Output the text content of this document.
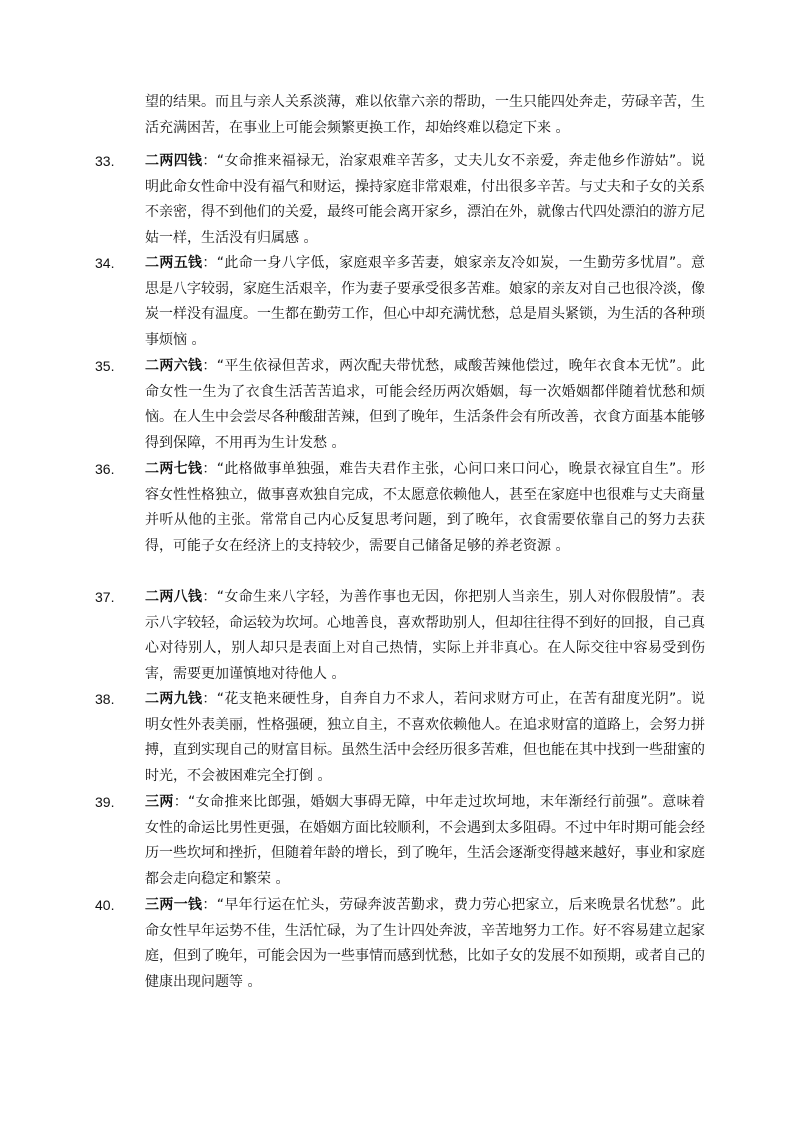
望的结果。而且与亲人关系淡薄，难以依靠六亲的帮助，一生只能四处奔走，劳碌辛苦，生活充满困苦，在事业上可能会频繁更换工作，却始终难以稳定下来 。
33. 二两四钱：“女命推来福禄无，治家艰难辛苦多，丈夫儿女不亲爱，奔走他乡作游姑”。说明此命女性命中没有福气和财运，操持家庭非常艰难，付出很多辛苦。与丈夫和子女的关系不亲密，得不到他们的关爱，最终可能会离开家乡，漂泊在外，就像古代四处漂泊的游方尼姑一样，生活没有归属感 。
34. 二两五钱：“此命一身八字低，家庭艰辛多苦妻，娘家亲友冷如炭，一生勤劳多忧眉”。意思是八字较弱，家庭生活艰辛，作为妻子要承受很多苦难。娘家的亲友对自己也很冷淡，像炭一样没有温度。一生都在勤劳工作，但心中却充满忧愁，总是眉头紧锁，为生活的各种琐事烦恼 。
35. 二两六钱：“平生依禄但苦求，两次配夫带忧愁，咸酸苦辣他偿过，晚年衣食本无忧”。此命女性一生为了衣食生活苦苦追求，可能会经历两次婚姻，每一次婚姻都伴随着忧愁和烦恼。在人生中会尝尽各种酸甜苦辣，但到了晚年，生活条件会有所改善，衣食方面基本能够得到保障，不用再为生计发愁 。
36. 二两七钱：“此格做事单独强，难告夫君作主张，心问口来口问心，晚景衣禄宜自生”。形容女性性格独立，做事喜欢独自完成，不太愿意依赖他人，甚至在家庭中也很难与丈夫商量并听从他的主张。常常自己内心反复思考问题，到了晚年，衣食需要依靠自己的努力去获得，可能子女在经济上的支持较少，需要自己储备足够的养老资源 。
37. 二两八钱：“女命生来八字轻，为善作事也无因，你把别人当亲生，别人对你假殷情”。表示八字较轻，命运较为坎坷。心地善良，喜欢帮助别人，但却往往得不到好的回报，自己真心对待别人，别人却只是表面上对自己热情，实际上并非真心。在人际交往中容易受到伤害，需要更加谨慎地对待他人 。
38. 二两九钱：“花支艳来硬性身，自奔自力不求人，若问求财方可止，在苦有甜度光阴”。说明女性外表美丽，性格强硬，独立自主，不喜欢依赖他人。在追求财富的道路上，会努力拼搏，直到实现自己的财富目标。虽然生活中会经历很多苦难，但也能在其中找到一些甜蜜的时光，不会被困难完全打倒 。
39. 三两：“女命推来比郎强，婚姻大事碍无障，中年走过坎坷地，末年渐经行前强”。意味着女性的命运比男性更强，在婚姻方面比较顺利，不会遇到太多阻碍。不过中年时期可能会经历一些坎坷和挫折，但随着年龄的增长，到了晚年，生活会逐渐变得越来越好，事业和家庭都会走向稳定和繁荣 。
40. 三两一钱：“早年行运在忙头，劳碌奔波苦勤求，费力劳心把家立，后来晚景名忧愁”。此命女性早年运势不佳，生活忙碌，为了生计四处奔波，辛苦地努力工作。好不容易建立起家庭，但到了晚年，可能会因为一些事情而感到忧愁，比如子女的发展不如预期，或者自己的健康出现问题等 。
